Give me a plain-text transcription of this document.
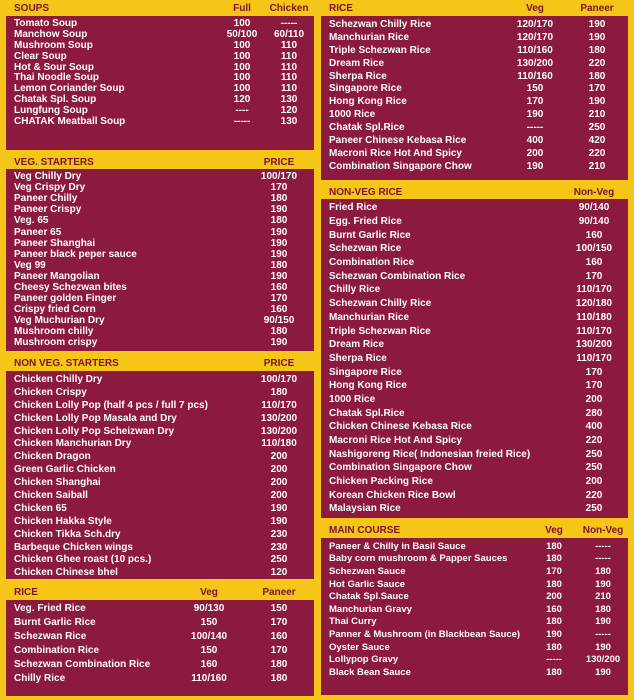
SOUPS	Full	Chicken
Tomato Soup	100	-----
Manchow Soup	50/100	60/110
Mushroom Soup	100	110
Clear Soup	100	110
Hot & Sour Soup	100	110
Thai Noodle Soup	100	110
Lemon Coriander Soup	100	110
Chatak Spl. Soup	120	130
Lungfung Soup	----	120
CHATAK Meatball Soup	-----	130
VEG. STARTERS	PRICE
Veg Chilly Dry	100/170
Veg Crispy Dry	170
Paneer Chilly	180
Paneer Crispy	190
Veg. 65	180
Paneer 65	190
Paneer Shanghai	190
Paneer black peper sauce	190
Veg 99	180
Paneer Mangolian	190
Cheesy Schezwan bites	160
Paneer golden Finger	170
Crispy fried Corn	160
Veg Muchurian Dry	90/150
Mushroom chilly	180
Mushroom crispy	190
NON VEG. STARTERS	PRICE
Chicken Chilly Dry	100/170
Chicken Crispy	180
Chicken Lolly Pop (half 4 pcs / full 7 pcs)	110/170
Chicken Lolly Pop Masala and Dry	130/200
Chicken Lolly Pop Scheizwan Dry	130/200
Chicken Manchurian Dry	110/180
Chicken Dragon	200
Green Garlic Chicken	200
Chicken Shanghai	200
Chicken Saiball	200
Chicken 65	190
Chicken Hakka Style	190
Chicken Tikka Sch.dry	230
Barbeque Chicken wings	230
Chicken Ghee roast (10 pcs.)	250
Chicken Chinese bhel	120
RICE	Veg	Paneer
Veg. Fried Rice	90/130	150
Burnt Garlic Rice	150	170
Schezwan Rice	100/140	160
Combination Rice	150	170
Schezwan Combination Rice	160	180
Chilly Rice	110/160	180
RICE	Veg	Paneer
Schezwan Chilly Rice	120/170	190
Manchurian Rice	120/170	190
Triple Schezwan Rice	110/160	180
Dream Rice	130/200	220
Sherpa Rice	110/160	180
Singapore Rice	150	170
Hong Kong Rice	170	190
1000 Rice	190	210
Chatak Spl.Rice	-----	250
Paneer Chinese Kebasa Rice	400	420
Macroni Rice Hot And Spicy	200	220
Combination Singapore Chow	190	210
NON-VEG RICE	Non-Veg
Fried Rice	90/140
Egg. Fried Rice	90/140
Burnt Garlic Rice	160
Schezwan Rice	100/150
Combination Rice	160
Schezwan Combination Rice	170
Chilly Rice	110/170
Schezwan Chilly Rice	120/180
Manchurian Rice	110/180
Triple Schezwan Rice	110/170
Dream Rice	130/200
Sherpa Rice	110/170
Singapore Rice	170
Hong Kong Rice	170
1000 Rice	200
Chatak Spl.Rice	280
Chicken Chinese Kebasa Rice	400
Macroni Rice Hot And Spicy	220
Nashigoreng Rice( Indonesian freied Rice)	250
Combination Singapore Chow	250
Chicken Packing Rice	200
Korean Chicken Rice Bowl	220
Malaysian Rice	250
MAIN COURSE	Veg	Non-Veg
Paneer & Chilly in Basil Sauce	180	-----
Baby corn mushroom & Papper Sauces	180	-----
Schezwan Sauce	170	180
Hot Garlic Sauce	180	190
Chatak Spl.Sauce	200	210
Manchurian Gravy	160	180
Thai Curry	180	190
Panner & Mushroom (in Blackbean Sauce)	190	-----
Oyster Sauce	180	190
Lollypop Gravy	-----	130/200
Black Bean Sauce	180	190
